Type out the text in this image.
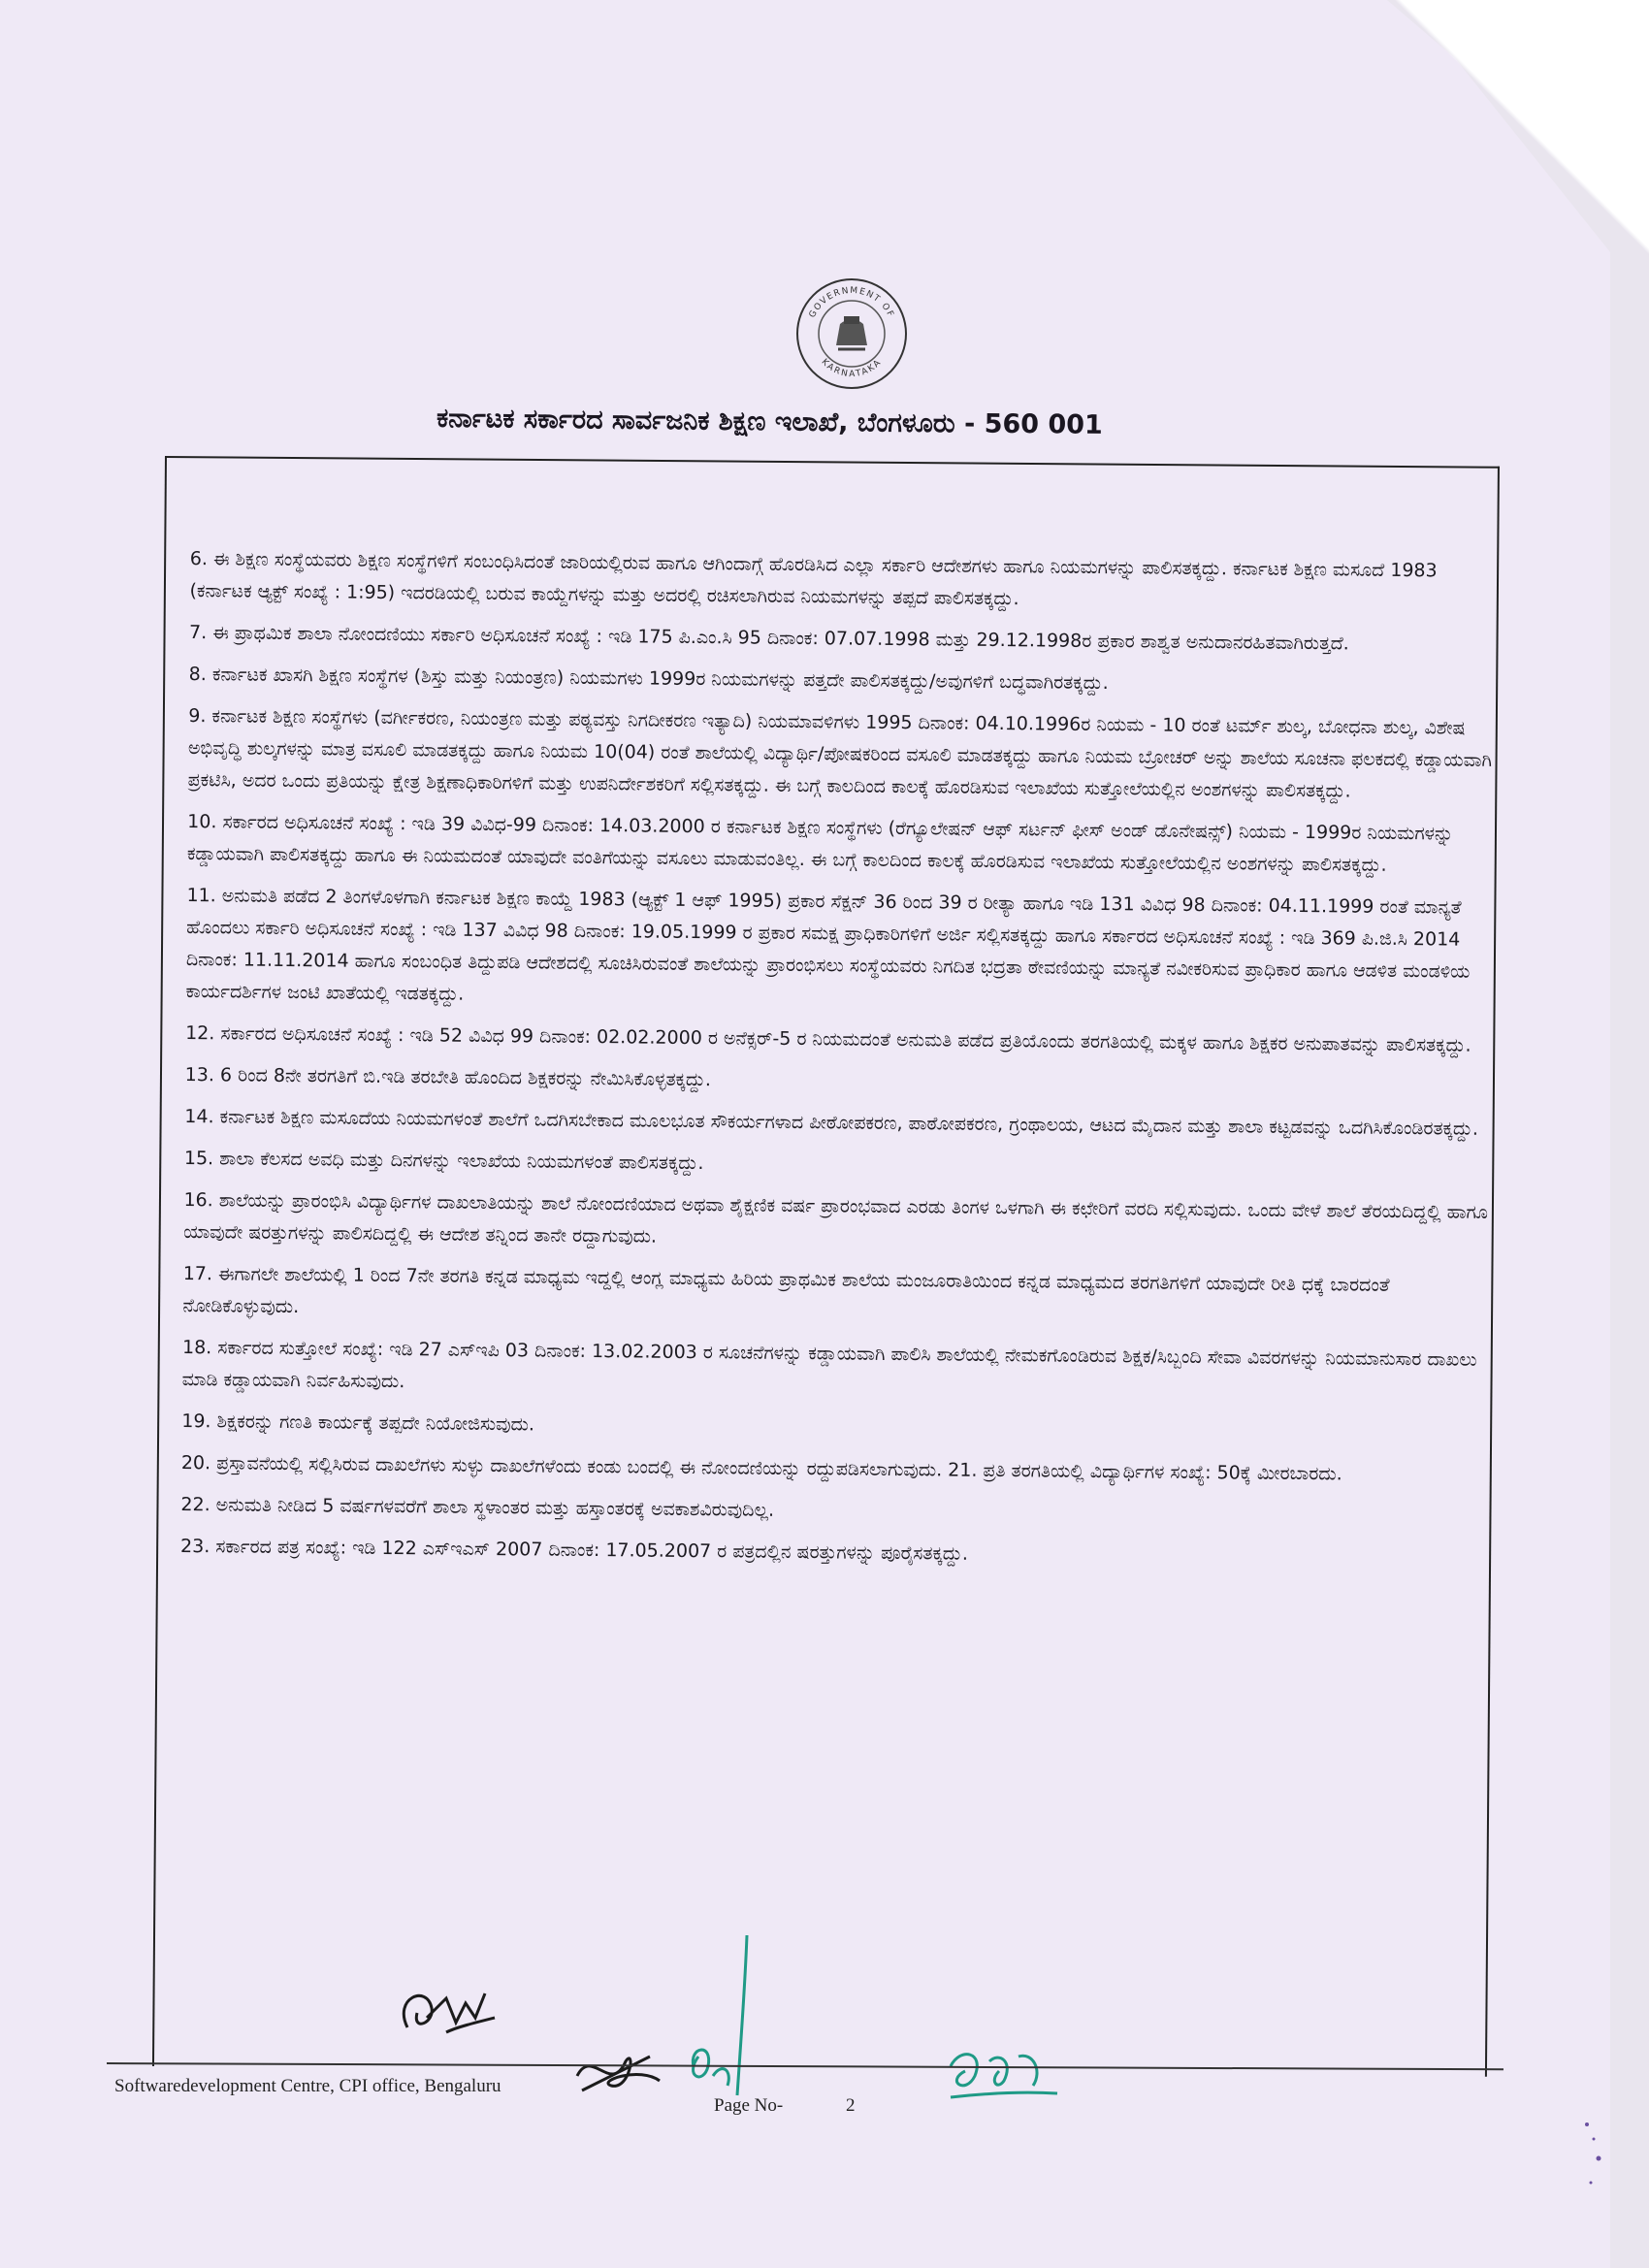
GOVERNMENT OF
KARNATAKA
ಕರ್ನಾಟಕ ಸರ್ಕಾರದ ಸಾರ್ವಜನಿಕ ಶಿಕ್ಷಣ ಇಲಾಖೆ, ಬೆಂಗಳೂರು - 560 001

6. ಈ ಶಿಕ್ಷಣ ಸಂಸ್ಥೆಯವರು ಶಿಕ್ಷಣ ಸಂಸ್ಥೆಗಳಿಗೆ ಸಂಬಂಧಿಸಿದಂತೆ ಜಾರಿಯಲ್ಲಿರುವ ಹಾಗೂ ಆಗಿಂದಾಗ್ಗೆ ಹೊರಡಿಸಿದ ಎಲ್ಲಾ ಸರ್ಕಾರಿ ಆದೇಶಗಳು ಹಾಗೂ ನಿಯಮಗಳನ್ನು ಪಾಲಿಸತಕ್ಕದ್ದು. ಕರ್ನಾಟಕ ಶಿಕ್ಷಣ ಮಸೂದೆ 1983 (ಕರ್ನಾಟಕ ಆ್ಯಕ್ಟ್ ಸಂಖ್ಯೆ : 1:95) ಇದರಡಿಯಲ್ಲಿ ಬರುವ ಕಾಯ್ದೆಗಳನ್ನು ಮತ್ತು ಅದರಲ್ಲಿ ರಚಿಸಲಾಗಿರುವ ನಿಯಮಗಳನ್ನು ತಪ್ಪದೆ ಪಾಲಿಸತಕ್ಕದ್ದು.

7. ಈ ಪ್ರಾಥಮಿಕ ಶಾಲಾ ನೋಂದಣಿಯು ಸರ್ಕಾರಿ ಅಧಿಸೂಚನೆ ಸಂಖ್ಯೆ : ಇಡಿ 175 ಪಿ.ಎಂ.ಸಿ 95 ದಿನಾಂಕ: 07.07.1998 ಮತ್ತು 29.12.1998ರ ಪ್ರಕಾರ ಶಾಶ್ವತ ಅನುದಾನರಹಿತವಾಗಿರುತ್ತದೆ.

8. ಕರ್ನಾಟಕ ಖಾಸಗಿ ಶಿಕ್ಷಣ ಸಂಸ್ಥೆಗಳ (ಶಿಸ್ತು ಮತ್ತು ನಿಯಂತ್ರಣ) ನಿಯಮಗಳು 1999ರ ನಿಯಮಗಳನ್ನು ಪತ್ತದೇ ಪಾಲಿಸತಕ್ಕದ್ದು/ಅವುಗಳಿಗೆ ಬದ್ಧವಾಗಿರತಕ್ಕದ್ದು.

9. ಕರ್ನಾಟಕ ಶಿಕ್ಷಣ ಸಂಸ್ಥೆಗಳು (ವರ್ಗೀಕರಣ, ನಿಯಂತ್ರಣ ಮತ್ತು ಪಠ್ಯವಸ್ತು ನಿಗದೀಕರಣ ಇತ್ಯಾದಿ) ನಿಯಮಾವಳಿಗಳು 1995 ದಿನಾಂಕ: 04.10.1996ರ ನಿಯಮ - 10 ರಂತೆ ಟರ್ಮ್ ಶುಲ್ಕ, ಬೋಧನಾ ಶುಲ್ಕ, ವಿಶೇಷ ಅಭಿವೃದ್ಧಿ ಶುಲ್ಕಗಳನ್ನು ಮಾತ್ರ ವಸೂಲಿ ಮಾಡತಕ್ಕದ್ದು ಹಾಗೂ ನಿಯಮ 10(04) ರಂತೆ ಶಾಲೆಯಲ್ಲಿ ವಿದ್ಯಾರ್ಥಿ/ಪೋಷಕರಿಂದ ವಸೂಲಿ ಮಾಡತಕ್ಕದ್ದು ಹಾಗೂ ನಿಯಮ ಬ್ರೋಚರ್ ಅನ್ನು ಶಾಲೆಯ ಸೂಚನಾ ಫಲಕದಲ್ಲಿ ಕಡ್ಡಾಯವಾಗಿ ಪ್ರಕಟಿಸಿ, ಅದರ ಒಂದು ಪ್ರತಿಯನ್ನು ಕ್ಷೇತ್ರ ಶಿಕ್ಷಣಾಧಿಕಾರಿಗಳಿಗೆ ಮತ್ತು ಉಪನಿರ್ದೇಶಕರಿಗೆ ಸಲ್ಲಿಸತಕ್ಕದ್ದು. ಈ ಬಗ್ಗೆ ಕಾಲದಿಂದ ಕಾಲಕ್ಕೆ ಹೊರಡಿಸುವ ಇಲಾಖೆಯ ಸುತ್ತೋಲೆಯಲ್ಲಿನ ಅಂಶಗಳನ್ನು ಪಾಲಿಸತಕ್ಕದ್ದು.

10. ಸರ್ಕಾರದ ಅಧಿಸೂಚನೆ ಸಂಖ್ಯೆ : ಇಡಿ 39 ವಿವಿಧ-99 ದಿನಾಂಕ: 14.03.2000 ರ ಕರ್ನಾಟಕ ಶಿಕ್ಷಣ ಸಂಸ್ಥೆಗಳು (ರೆಗ್ಯೂಲೇಷನ್ ಆಫ್ ಸರ್ಟನ್ ಫೀಸ್ ಅಂಡ್ ಡೊನೇಷನ್ಸ್) ನಿಯಮ - 1999ರ ನಿಯಮಗಳನ್ನು ಕಡ್ಡಾಯವಾಗಿ ಪಾಲಿಸತಕ್ಕದ್ದು ಹಾಗೂ ಈ ನಿಯಮದಂತೆ ಯಾವುದೇ ವಂತಿಗೆಯನ್ನು ವಸೂಲು ಮಾಡುವಂತಿಲ್ಲ. ಈ ಬಗ್ಗೆ ಕಾಲದಿಂದ ಕಾಲಕ್ಕೆ ಹೊರಡಿಸುವ ಇಲಾಖೆಯ ಸುತ್ತೋಲೆಯಲ್ಲಿನ ಅಂಶಗಳನ್ನು ಪಾಲಿಸತಕ್ಕದ್ದು.

11. ಅನುಮತಿ ಪಡೆದ 2 ತಿಂಗಳೊಳಗಾಗಿ ಕರ್ನಾಟಕ ಶಿಕ್ಷಣ ಕಾಯ್ದೆ 1983 (ಆ್ಯಕ್ಟ್ 1 ಆಫ್ 1995) ಪ್ರಕಾರ ಸೆಕ್ಷನ್ 36 ರಿಂದ 39 ರ ರೀತ್ಯಾ ಹಾಗೂ ಇಡಿ 131 ವಿವಿಧ 98 ದಿನಾಂಕ: 04.11.1999 ರಂತೆ ಮಾನ್ಯತೆ ಹೊಂದಲು ಸರ್ಕಾರಿ ಅಧಿಸೂಚನೆ ಸಂಖ್ಯೆ : ಇಡಿ 137 ವಿವಿಧ 98 ದಿನಾಂಕ: 19.05.1999 ರ ಪ್ರಕಾರ ಸಮಕ್ಷ ಪ್ರಾಧಿಕಾರಿಗಳಿಗೆ ಅರ್ಜಿ ಸಲ್ಲಿಸತಕ್ಕದ್ದು ಹಾಗೂ ಸರ್ಕಾರದ ಅಧಿಸೂಚನೆ ಸಂಖ್ಯೆ : ಇಡಿ 369 ಪಿ.ಜಿ.ಸಿ 2014 ದಿನಾಂಕ: 11.11.2014 ಹಾಗೂ ಸಂಬಂಧಿತ ತಿದ್ದುಪಡಿ ಆದೇಶದಲ್ಲಿ ಸೂಚಿಸಿರುವಂತೆ ಶಾಲೆಯನ್ನು ಪ್ರಾರಂಭಿಸಲು ಸಂಸ್ಥೆಯವರು ನಿಗದಿತ ಭದ್ರತಾ ಠೇವಣಿಯನ್ನು ಮಾನ್ಯತೆ ನವೀಕರಿಸುವ ಪ್ರಾಧಿಕಾರ ಹಾಗೂ ಆಡಳಿತ ಮಂಡಳಿಯ ಕಾರ್ಯದರ್ಶಿಗಳ ಜಂಟಿ ಖಾತೆಯಲ್ಲಿ ಇಡತಕ್ಕದ್ದು.

12. ಸರ್ಕಾರದ ಅಧಿಸೂಚನೆ ಸಂಖ್ಯೆ : ಇಡಿ 52 ವಿವಿಧ 99 ದಿನಾಂಕ: 02.02.2000 ರ ಅನೆಕ್ಸರ್-5 ರ ನಿಯಮದಂತೆ ಅನುಮತಿ ಪಡೆದ ಪ್ರತಿಯೊಂದು ತರಗತಿಯಲ್ಲಿ ಮಕ್ಕಳ ಹಾಗೂ ಶಿಕ್ಷಕರ ಅನುಪಾತವನ್ನು ಪಾಲಿಸತಕ್ಕದ್ದು.

13. 6 ರಿಂದ 8ನೇ ತರಗತಿಗೆ ಬಿ.ಇಡಿ ತರಬೇತಿ ಹೊಂದಿದ ಶಿಕ್ಷಕರನ್ನು ನೇಮಿಸಿಕೊಳ್ಳತಕ್ಕದ್ದು.

14. ಕರ್ನಾಟಕ ಶಿಕ್ಷಣ ಮಸೂದೆಯ ನಿಯಮಗಳಂತೆ ಶಾಲೆಗೆ ಒದಗಿಸಬೇಕಾದ ಮೂಲಭೂತ ಸೌಕರ್ಯಗಳಾದ ಪೀಠೋಪಕರಣ, ಪಾಠೋಪಕರಣ, ಗ್ರಂಥಾಲಯ, ಆಟದ ಮೈದಾನ ಮತ್ತು ಶಾಲಾ ಕಟ್ಟಡವನ್ನು ಒದಗಿಸಿಕೊಂಡಿರತಕ್ಕದ್ದು.

15. ಶಾಲಾ ಕೆಲಸದ ಅವಧಿ ಮತ್ತು ದಿನಗಳನ್ನು ಇಲಾಖೆಯ ನಿಯಮಗಳಂತೆ ಪಾಲಿಸತಕ್ಕದ್ದು.

16. ಶಾಲೆಯನ್ನು ಪ್ರಾರಂಭಿಸಿ ವಿದ್ಯಾರ್ಥಿಗಳ ದಾಖಲಾತಿಯನ್ನು ಶಾಲೆ ನೋಂದಣಿಯಾದ ಅಥವಾ ಶೈಕ್ಷಣಿಕ ವರ್ಷ ಪ್ರಾರಂಭವಾದ ಎರಡು ತಿಂಗಳ ಒಳಗಾಗಿ ಈ ಕಛೇರಿಗೆ ವರದಿ ಸಲ್ಲಿಸುವುದು. ಒಂದು ವೇಳೆ ಶಾಲೆ ತೆರಯದಿದ್ದಲ್ಲಿ ಹಾಗೂ ಯಾವುದೇ ಷರತ್ತುಗಳನ್ನು ಪಾಲಿಸದಿದ್ದಲ್ಲಿ ಈ ಆದೇಶ ತನ್ನಿಂದ ತಾನೇ ರದ್ದಾಗುವುದು.

17. ಈಗಾಗಲೇ ಶಾಲೆಯಲ್ಲಿ 1 ರಿಂದ 7ನೇ ತರಗತಿ ಕನ್ನಡ ಮಾಧ್ಯಮ ಇದ್ದಲ್ಲಿ ಆಂಗ್ಲ ಮಾಧ್ಯಮ ಹಿರಿಯ ಪ್ರಾಥಮಿಕ ಶಾಲೆಯ ಮಂಜೂರಾತಿಯಿಂದ ಕನ್ನಡ ಮಾಧ್ಯಮದ ತರಗತಿಗಳಿಗೆ ಯಾವುದೇ ರೀತಿ ಧಕ್ಕೆ ಬಾರದಂತೆ ನೋಡಿಕೊಳ್ಳುವುದು.

18. ಸರ್ಕಾರದ ಸುತ್ತೋಲೆ ಸಂಖ್ಯೆ: ಇಡಿ 27 ಎಸ್‌ಇಪಿ 03 ದಿನಾಂಕ: 13.02.2003 ರ ಸೂಚನೆಗಳನ್ನು ಕಡ್ಡಾಯವಾಗಿ ಪಾಲಿಸಿ ಶಾಲೆಯಲ್ಲಿ ನೇಮಕಗೊಂಡಿರುವ ಶಿಕ್ಷಕ/ಸಿಬ್ಬಂದಿ ಸೇವಾ ವಿವರಗಳನ್ನು ನಿಯಮಾನುಸಾರ ದಾಖಲು ಮಾಡಿ ಕಡ್ಡಾಯವಾಗಿ ನಿರ್ವಹಿಸುವುದು.

19. ಶಿಕ್ಷಕರನ್ನು ಗಣತಿ ಕಾರ್ಯಕ್ಕೆ ತಪ್ಪದೇ ನಿಯೋಜಿಸುವುದು.

20. ಪ್ರಸ್ತಾವನೆಯಲ್ಲಿ ಸಲ್ಲಿಸಿರುವ ದಾಖಲೆಗಳು ಸುಳ್ಳು ದಾಖಲೆಗಳೆಂದು ಕಂಡು ಬಂದಲ್ಲಿ ಈ ನೋಂದಣಿಯನ್ನು ರದ್ದುಪಡಿಸಲಾಗುವುದು. 21. ಪ್ರತಿ ತರಗತಿಯಲ್ಲಿ ವಿದ್ಯಾರ್ಥಿಗಳ ಸಂಖ್ಯೆ: 50ಕ್ಕೆ ಮೀರಬಾರದು.

22. ಅನುಮತಿ ನೀಡಿದ 5 ವರ್ಷಗಳವರೆಗೆ ಶಾಲಾ ಸ್ಥಳಾಂತರ ಮತ್ತು ಹಸ್ತಾಂತರಕ್ಕೆ ಅವಕಾಶವಿರುವುದಿಲ್ಲ.

23. ಸರ್ಕಾರದ ಪತ್ರ ಸಂಖ್ಯೆ: ಇಡಿ 122 ಎಸ್‌ಇಎಸ್ 2007 ದಿನಾಂಕ: 17.05.2007 ರ ಪತ್ರದಲ್ಲಿನ ಷರತ್ತುಗಳನ್ನು ಪೂರೈಸತಕ್ಕದ್ದು.

Softwaredevelopment Centre, CPI office, Bengaluru
Page No-	2
